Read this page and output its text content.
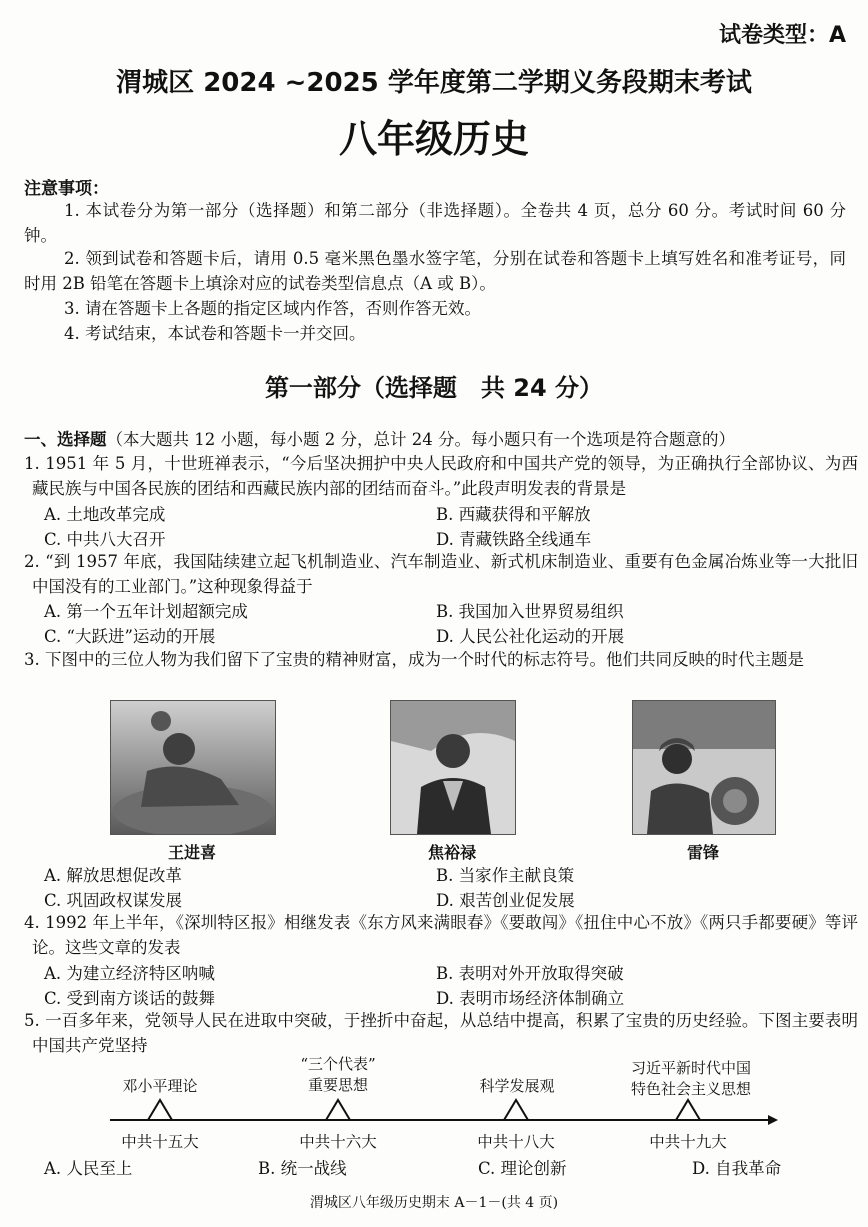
试卷类型：A
渭城区 2024 ~2025 学年度第二学期义务段期末考试
八年级历史
注意事项：
1. 本试卷分为第一部分（选择题）和第二部分（非选择题）。全卷共 4 页，总分 60 分。考试时间 60 分钟。
2. 领到试卷和答题卡后，请用 0.5 毫米黑色墨水签字笔，分别在试卷和答题卡上填写姓名和准考证号，同时用 2B 铅笔在答题卡上填涂对应的试卷类型信息点（A 或 B）。
3. 请在答题卡上各题的指定区域内作答，否则作答无效。
4. 考试结束，本试卷和答题卡一并交回。
第一部分（选择题　共 24 分）
一、选择题（本大题共 12 小题，每小题 2 分，总计 24 分。每小题只有一个选项是符合题意的）
1. 1951 年 5 月，十世班禅表示，“今后坚决拥护中央人民政府和中国共产党的领导，为正确执行全部协议、为西藏民族与中国各民族的团结和西藏民族内部的团结而奋斗。”此段声明发表的背景是
A. 土地改革完成	B. 西藏获得和平解放
C. 中共八大召开	D. 青藏铁路全线通车
2. “到 1957 年底，我国陆续建立起飞机制造业、汽车制造业、新式机床制造业、重要有色金属冶炼业等一大批旧中国没有的工业部门。”这种现象得益于
A. 第一个五年计划超额完成	B. 我国加入世界贸易组织
C. “大跃进”运动的开展	D. 人民公社化运动的开展
3. 下图中的三位人物为我们留下了宝贵的精神财富，成为一个时代的标志符号。他们共同反映的时代主题是
王进喜	焦裕禄	雷锋
A. 解放思想促改革	B. 当家作主献良策
C. 巩固政权谋发展	D. 艰苦创业促发展
4. 1992 年上半年，《深圳特区报》相继发表《东方风来满眼春》《要敢闯》《扭住中心不放》《两只手都要硬》等评论。这些文章的发表
A. 为建立经济特区呐喊	B. 表明对外开放取得突破
C. 受到南方谈话的鼓舞	D. 表明市场经济体制确立
5. 一百多年来，党领导人民在进取中突破，于挫折中奋起，从总结中提高，积累了宝贵的历史经验。下图主要表明中国共产党坚持
邓小平理论
“三个代表”
重要思想	科学发展观
习近平新时代中国
特色社会主义思想
中共十五大	中共十六大	中共十八大	中共十九大
A. 人民至上	B. 统一战线	C. 理论创新	D. 自我革命
渭城区八年级历史期末 A－1－(共 4 页)
